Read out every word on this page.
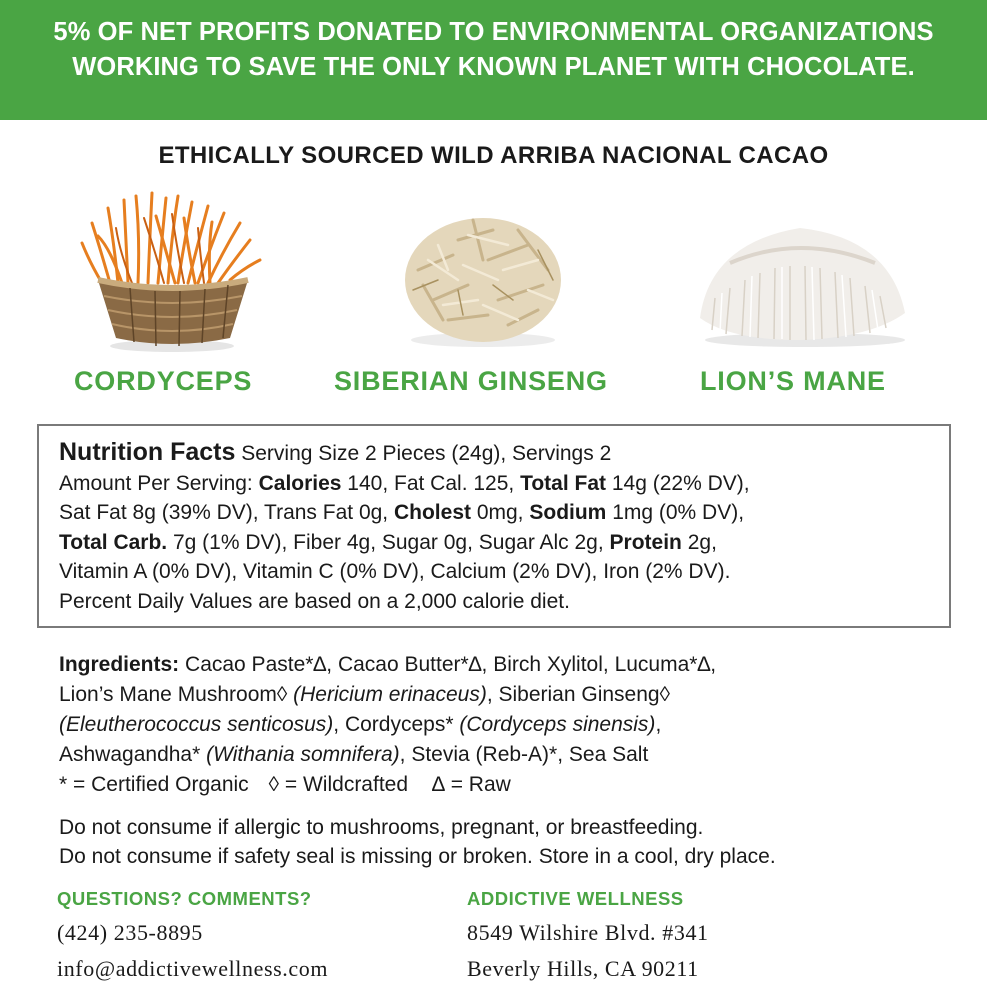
5% OF NET PROFITS DONATED TO ENVIRONMENTAL ORGANIZATIONS
WORKING TO SAVE THE ONLY KNOWN PLANET WITH CHOCOLATE.
ETHICALLY SOURCED WILD ARRIBA NACIONAL CACAO
CORDYCEPS	SIBERIAN GINSENG	LION’S MANE
Nutrition Facts Serving Size 2 Pieces (24g), Servings 2
Amount Per Serving: Calories 140, Fat Cal. 125, Total Fat 14g (22% DV),
Sat Fat 8g (39% DV), Trans Fat 0g, Cholest 0mg, Sodium 1mg (0% DV),
Total Carb. 7g (1% DV), Fiber 4g, Sugar 0g, Sugar Alc 2g, Protein 2g,
Vitamin A (0% DV), Vitamin C (0% DV), Calcium (2% DV), Iron (2% DV).
Percent Daily Values are based on a 2,000 calorie diet.
Ingredients: Cacao Paste*∆, Cacao Butter*∆, Birch Xylitol, Lucuma*∆,
Lion’s Mane Mushroom◊ (Hericium erinaceus), Siberian Ginseng◊
(Eleutherococcus senticosus), Cordyceps* (Cordyceps sinensis),
Ashwagandha* (Withania somnifera), Stevia (Reb-A)*, Sea Salt
* = Certified Organic ◊ = Wildcrafted ∆ = Raw
Do not consume if allergic to mushrooms, pregnant, or breastfeeding.
Do not consume if safety seal is missing or broken. Store in a cool, dry place.
QUESTIONS? COMMENTS?
(424) 235-8895
info@addictivewellness.com
ADDICTIVE WELLNESS
8549 Wilshire Blvd. #341
Beverly Hills, CA 90211
